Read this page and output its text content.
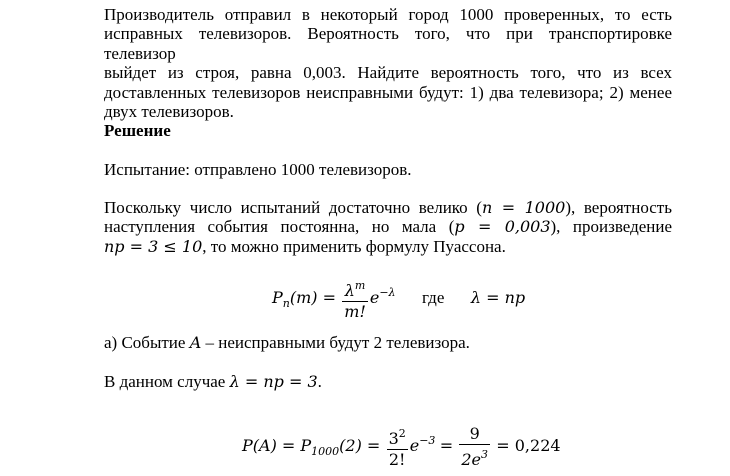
Производитель отправил в некоторый город 1000 проверенных, то есть
исправных телевизоров. Вероятность того, что при транспортировке телевизор
выйдет из строя, равна 0,003. Найдите вероятность того, что из всех
доставленных телевизоров неисправными будут: 1) два телевизора; 2) менее
двух телевизоров.
Решение
Испытание: отправлено 1000 телевизоров.
Поскольку число испытаний достаточно велико (n = 1000), вероятность
наступления события постоянна, но мала (p = 0,003), произведение
np = 3 ≤ 10, то можно применить формулу Пуассона.
$P_n(m) = \frac{\lambda^m}{m!} e^{-\lambda}$ где λ = np
а) Событие A – неисправными будут 2 телевизора.
В данном случае λ = np = 3.
$P(A) = P_{1000}(2) = \frac{3^2}{2!} e^{-3} = \frac{9}{2e^3} = 0,224$
